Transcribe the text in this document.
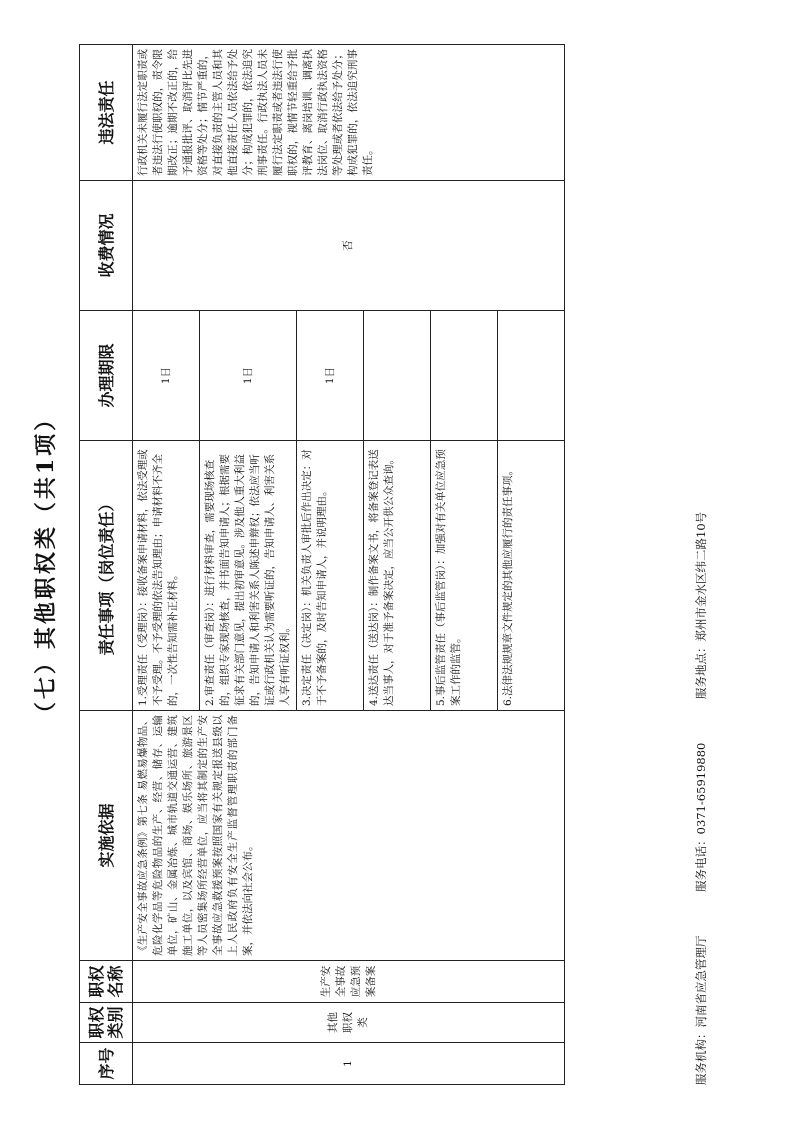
（七）其他职权类（共1项）
序号	职权类别	职权名称	实施依据	责任事项（岗位责任）	办理期限	收费情况	违法责任
1	其他职权类	生产安全事故应急预案备案	《生产安全事故应急条例》第七条 易燃易爆物品、危险化学品等危险物品的生产、经营、储存、运输单位，矿山、金属冶炼、城市轨道交通运营、建筑施工单位，以及宾馆、商场、娱乐场所、旅游景区等人员密集场所经营单位，应当将其制定的生产安全事故应急救援预案按照国家有关规定报送县级以上人民政府负有安全生产监督管理职责的部门备案，并依法向社会公布。	1.受理责任（受理岗）：接收备案申请材料，依法受理或不予受理。不予受理的依法告知理由；申请材料不齐全的，一次性告知需补正材料。	1日	否	行政机关未履行法定职责或者违法行使职权的，责令限期改正；逾期不改正的，给予通报批评、取消评比先进资格等处分；情节严重的，对直接负责的主管人员和其他直接责任人员依法给予处分；构成犯罪的，依法追究刑事责任。行政执法人员未履行法定职责或者违法行使职权的，视情节轻重给予批评教育、离岗培训、调离执法岗位、取消行政执法资格等处理或者依法给予处分；构成犯罪的，依法追究刑事责任。
				2.审查责任（审查岗）：进行材料审查，需要现场核查的，组织专家现场核查，并书面告知申请人；根据需要征求有关部门意见，提出初审意见。涉及他人重大利益的，告知申请人和利害关系人陈述申辩权；依法应当听证或行政机关认为需要听证的，告知申请人、利害关系人享有听证权利。	1日		
				3.决定责任（决定岗）：机关负责人审批后作出决定：对于不予备案的，及时告知申请人，并说明理由。	1日		
				4.送达责任（送达岗）：制作备案文书，将备案登记表送达当事人，对于准予备案决定，应当公开供公众查询。			
				5.事后监管责任（事后监管岗）：加强对有关单位应急预案工作的监管。			
				6.法律法规规章文件规定的其他应履行的责任事项。			
服务机构：河南省应急管理厅 服务电话：0371-65919880 服务地点：郑州市金水区纬二路10号
